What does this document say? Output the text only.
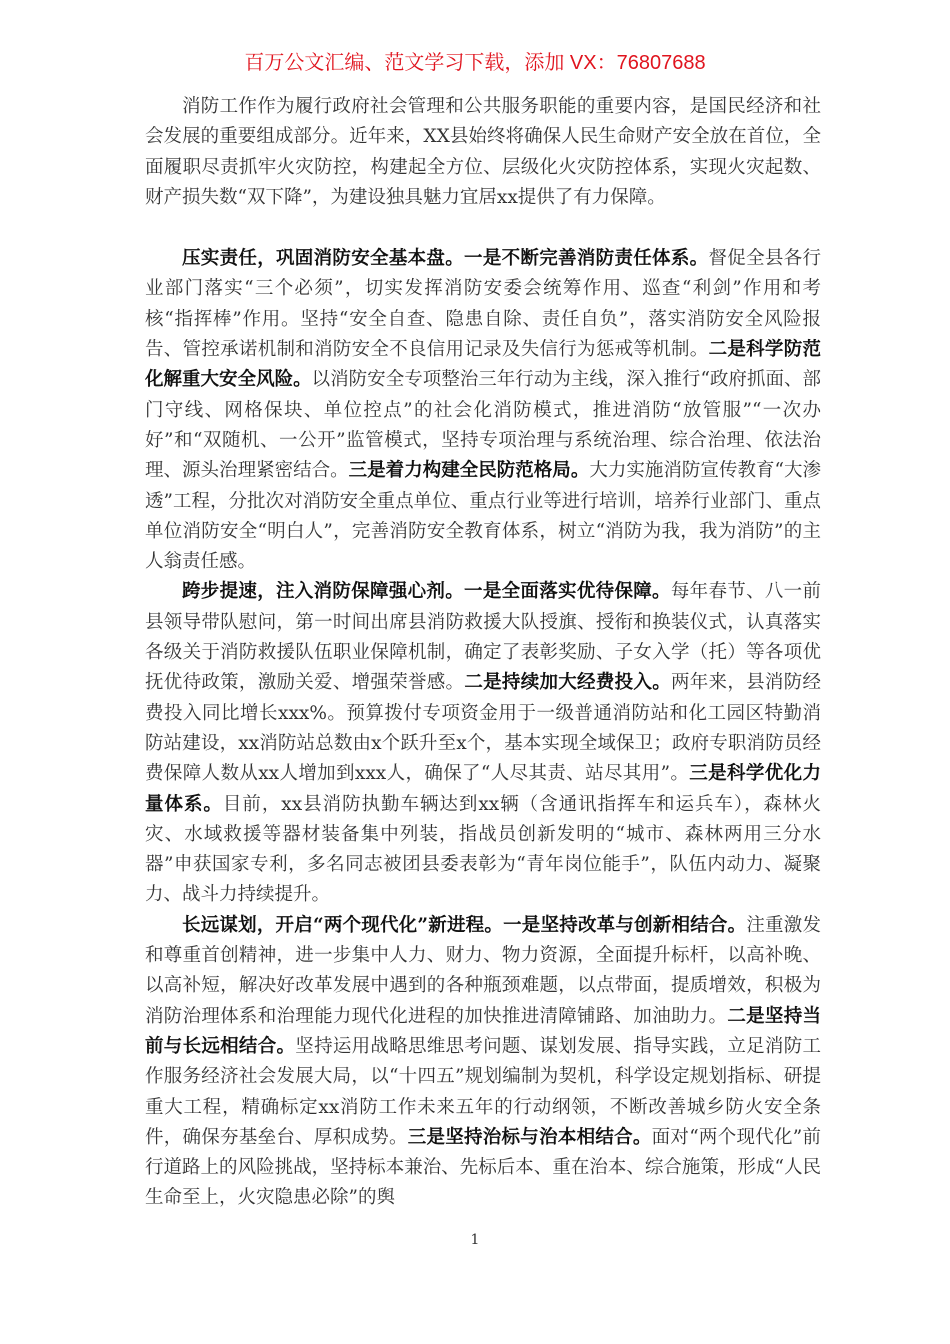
百万公文汇编、范文学习下载，添加 VX：76807688

消防工作作为履行政府社会管理和公共服务职能的重要内容，是国民经济和社会发展的重要组成部分。近年来，XX县始终将确保人民生命财产安全放在首位，全面履职尽责抓牢火灾防控，构建起全方位、层级化火灾防控体系，实现火灾起数、财产损失数“双下降”，为建设独具魅力宜居xx提供了有力保障。

压实责任，巩固消防安全基本盘。一是不断完善消防责任体系。督促全县各行业部门落实“三个必须”，切实发挥消防安委会统筹作用、巡查“利剑”作用和考核“指挥棒”作用。坚持“安全自查、隐患自除、责任自负”，落实消防安全风险报告、管控承诺机制和消防安全不良信用记录及失信行为惩戒等机制。二是科学防范化解重大安全风险。以消防安全专项整治三年行动为主线，深入推行“政府抓面、部门守线、网格保块、单位控点”的社会化消防模式，推进消防“放管服”“一次办好”和“双随机、一公开”监管模式，坚持专项治理与系统治理、综合治理、依法治理、源头治理紧密结合。三是着力构建全民防范格局。大力实施消防宣传教育“大渗透”工程，分批次对消防安全重点单位、重点行业等进行培训，培养行业部门、重点单位消防安全“明白人”，完善消防安全教育体系，树立“消防为我，我为消防”的主人翁责任感。

跨步提速，注入消防保障强心剂。一是全面落实优待保障。每年春节、八一前县领导带队慰问，第一时间出席县消防救援大队授旗、授衔和换装仪式，认真落实各级关于消防救援队伍职业保障机制，确定了表彰奖励、子女入学（托）等各项优抚优待政策，激励关爱、增强荣誉感。二是持续加大经费投入。两年来，县消防经费投入同比增长xxx%。预算拨付专项资金用于一级普通消防站和化工园区特勤消防站建设，xx消防站总数由x个跃升至x个，基本实现全域保卫；政府专职消防员经费保障人数从xx人增加到xxx人，确保了“人尽其责、站尽其用”。三是科学优化力量体系。目前，xx县消防执勤车辆达到xx辆（含通讯指挥车和运兵车），森林火灾、水域救援等器材装备集中列装，指战员创新发明的“城市、森林两用三分水器”申获国家专利，多名同志被团县委表彰为“青年岗位能手”，队伍内动力、凝聚力、战斗力持续提升。

长远谋划，开启“两个现代化”新进程。一是坚持改革与创新相结合。注重激发和尊重首创精神，进一步集中人力、财力、物力资源，全面提升标杆，以高补晚、以高补短，解决好改革发展中遇到的各种瓶颈难题，以点带面，提质增效，积极为消防治理体系和治理能力现代化进程的加快推进清障铺路、加油助力。二是坚持当前与长远相结合。坚持运用战略思维思考问题、谋划发展、指导实践，立足消防工作服务经济社会发展大局，以“十四五”规划编制为契机，科学设定规划指标、研提重大工程，精确标定xx消防工作未来五年的行动纲领，不断改善城乡防火安全条件，确保夯基垒台、厚积成势。三是坚持治标与治本相结合。面对“两个现代化”前行道路上的风险挑战，坚持标本兼治、先标后本、重在治本、综合施策，形成“人民生命至上，火灾隐患必除”的舆

1
